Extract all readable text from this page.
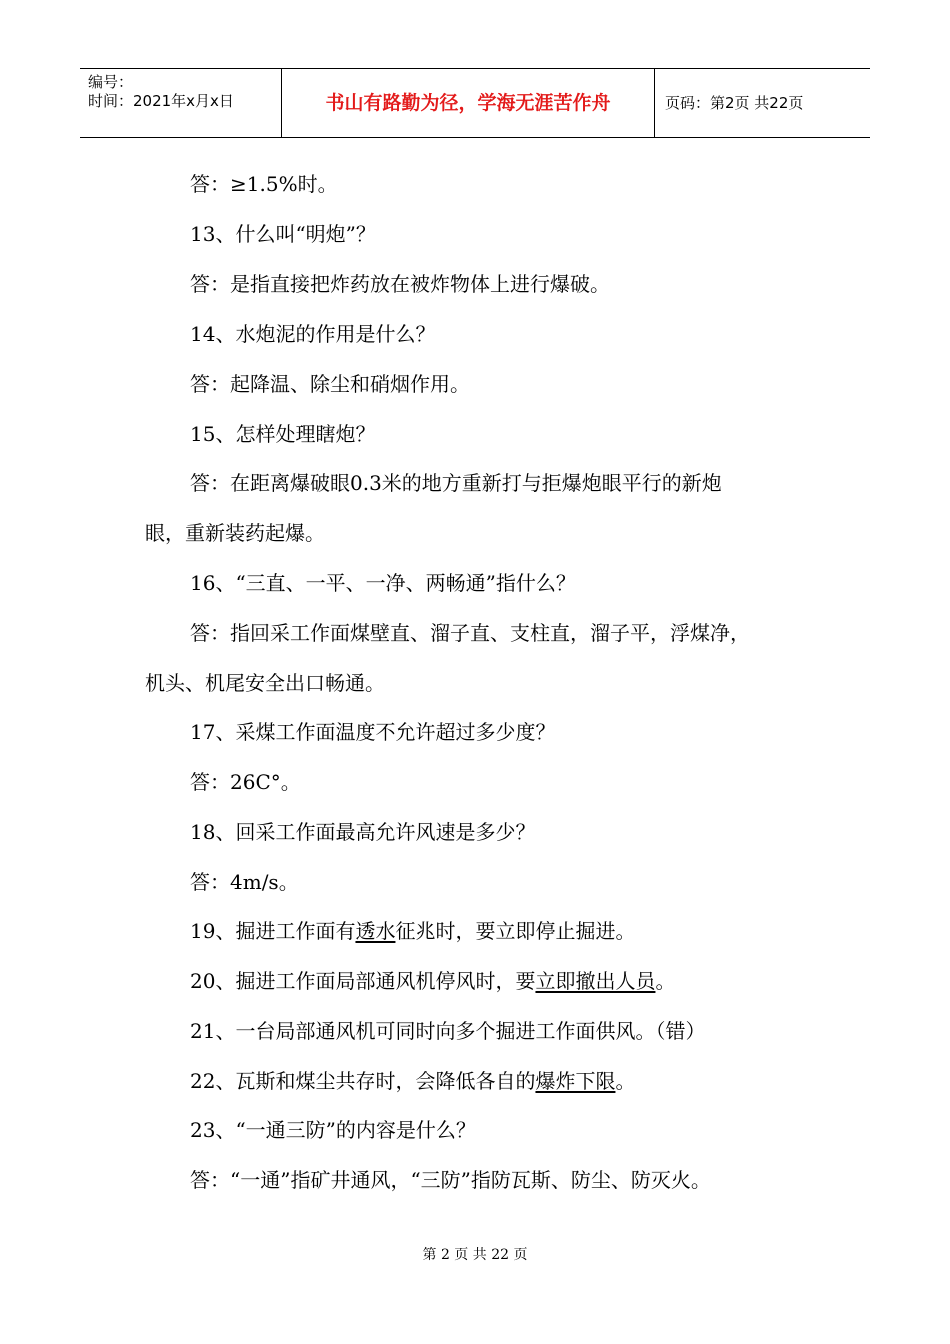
编号：
时间：2021年x月x日	书山有路勤为径，学海无涯苦作舟	页码：第2页 共22页
答：≥1.5%时。
13、什么叫“明炮”？
答：是指直接把炸药放在被炸物体上进行爆破。
14、水炮泥的作用是什么？
答：起降温、除尘和硝烟作用。
15、怎样处理瞎炮？
答：在距离爆破眼0.3米的地方重新打与拒爆炮眼平行的新炮
眼，重新装药起爆。
16、“三直、一平、一净、两畅通”指什么？
答：指回采工作面煤壁直、溜子直、支柱直，溜子平，浮煤净，
机头、机尾安全出口畅通。
17、采煤工作面温度不允许超过多少度？
答：26C°。
18、回采工作面最高允许风速是多少？
答：4m/s。
19、掘进工作面有透水征兆时，要立即停止掘进。
20、掘进工作面局部通风机停风时，要立即撤出人员。
21、一台局部通风机可同时向多个掘进工作面供风。（错）
22、瓦斯和煤尘共存时，会降低各自的爆炸下限。
23、“一通三防”的内容是什么？
答：“一通”指矿井通风，“三防”指防瓦斯、防尘、防灭火。
第 2 页 共 22 页
